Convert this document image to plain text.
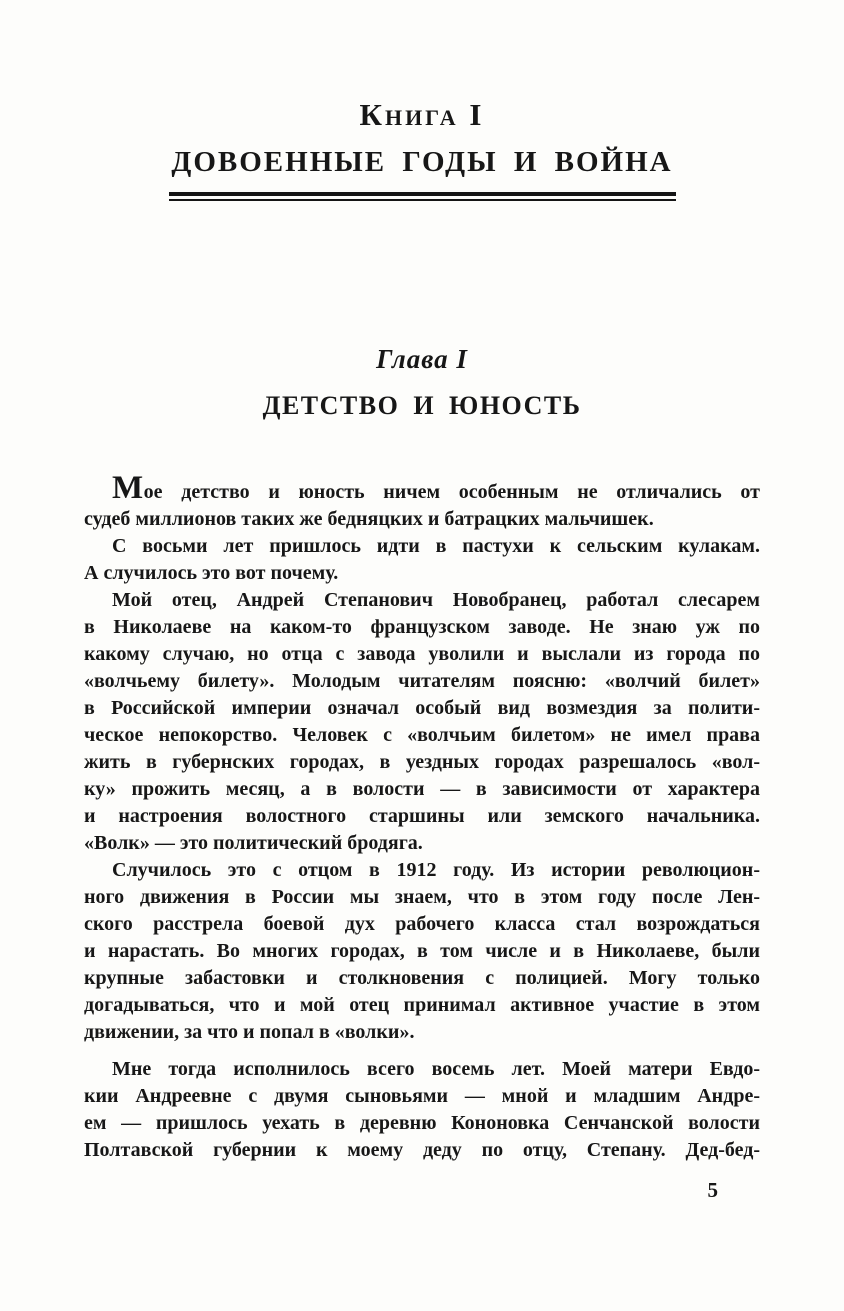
Книга I
ДОВОЕННЫЕ ГОДЫ И ВОЙНА
Глава I
ДЕТСТВО И ЮНОСТЬ
Мое детство и юность ничем особенным не отличались от
судеб миллионов таких же бедняцких и батрацких мальчишек.
С восьми лет пришлось идти в пастухи к сельским кулакам.
А случилось это вот почему.
Мой отец, Андрей Степанович Новобранец, работал слесарем
в Николаеве на каком-то французском заводе. Не знаю уж по
какому случаю, но отца с завода уволили и выслали из города по
«волчьему билету». Молодым читателям поясню: «волчий билет»
в Российской империи означал особый вид возмездия за полити-
ческое непокорство. Человек с «волчьим билетом» не имел права
жить в губернских городах, в уездных городах разрешалось «вол-
ку» прожить месяц, а в волости — в зависимости от характера
и настроения волостного старшины или земского начальника.
«Волк» — это политический бродяга.
Случилось это с отцом в 1912 году. Из истории революцион-
ного движения в России мы знаем, что в этом году после Лен-
ского расстрела боевой дух рабочего класса стал возрождаться
и нарастать. Во многих городах, в том числе и в Николаеве, были
крупные забастовки и столкновения с полицией. Могу только
догадываться, что и мой отец принимал активное участие в этом
движении, за что и попал в «волки».
Мне тогда исполнилось всего восемь лет. Моей матери Евдо-
кии Андреевне с двумя сыновьями — мной и младшим Андре-
ем — пришлось уехать в деревню Кононовка Сенчанской волости
Полтавской губернии к моему деду по отцу, Степану. Дед-бед-
5
